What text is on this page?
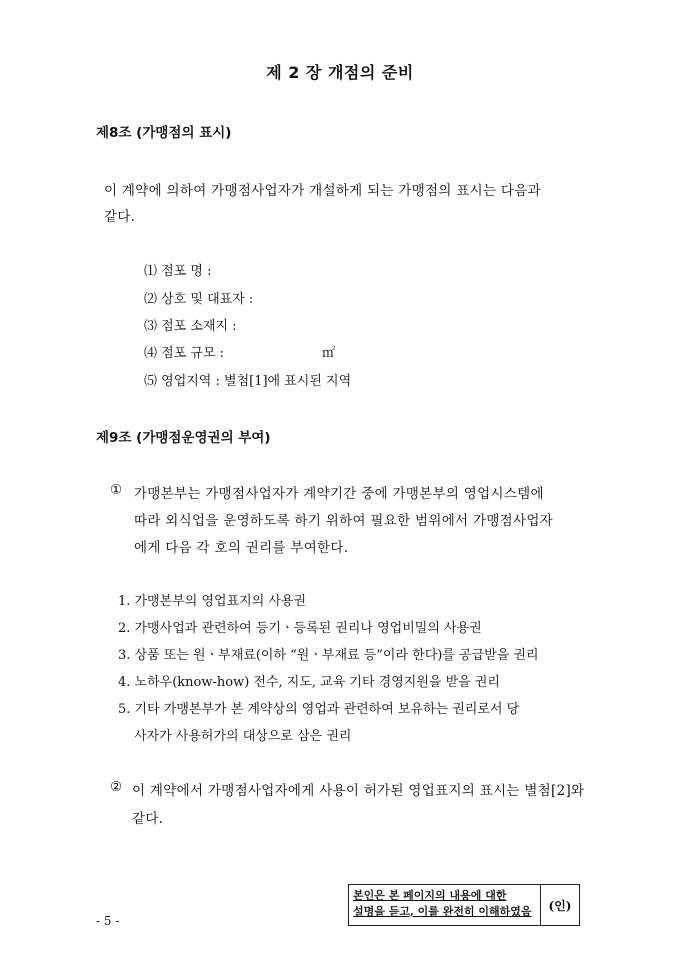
제 2 장 개점의 준비
제8조 (가맹점의 표시)
이 계약에 의하여 가맹점사업자가 개설하게 되는 가맹점의 표시는 다음과
같다.
⑴ 점포 명 :
⑵ 상호 및 대표자 :
⑶ 점포 소재지 :
⑷ 점포 규모 :	㎡
⑸ 영업지역 : 별첨[1]에 표시된 지역
제9조 (가맹점운영권의 부여)
① 가맹본부는 가맹점사업자가 계약기간 중에 가맹본부의 영업시스템에
따라 외식업을 운영하도록 하기 위하여 필요한 범위에서 가맹점사업자
에게 다음 각 호의 권리를 부여한다.
1. 가맹본부의 영업표지의 사용권
2. 가맹사업과 관련하여 등기ㆍ등록된 권리나 영업비밀의 사용권
3. 상품 또는 원ㆍ부재료(이하 “원ㆍ부재료 등”이라 한다)를 공급받을 권리
4. 노하우(know-how) 전수, 지도, 교육 기타 경영지원을 받을 권리
5. 기타 가맹본부가 본 계약상의 영업과 관련하여 보유하는 권리로서 당
사자가 사용허가의 대상으로 삼은 권리
② 이 계약에서 가맹점사업자에게 사용이 허가된 영업표지의 표시는 별첨[2]와
같다.
본인은 본 페이지의 내용에 대한
설명을 듣고, 이를 완전히 이해하였음	(인)
- 5 -
